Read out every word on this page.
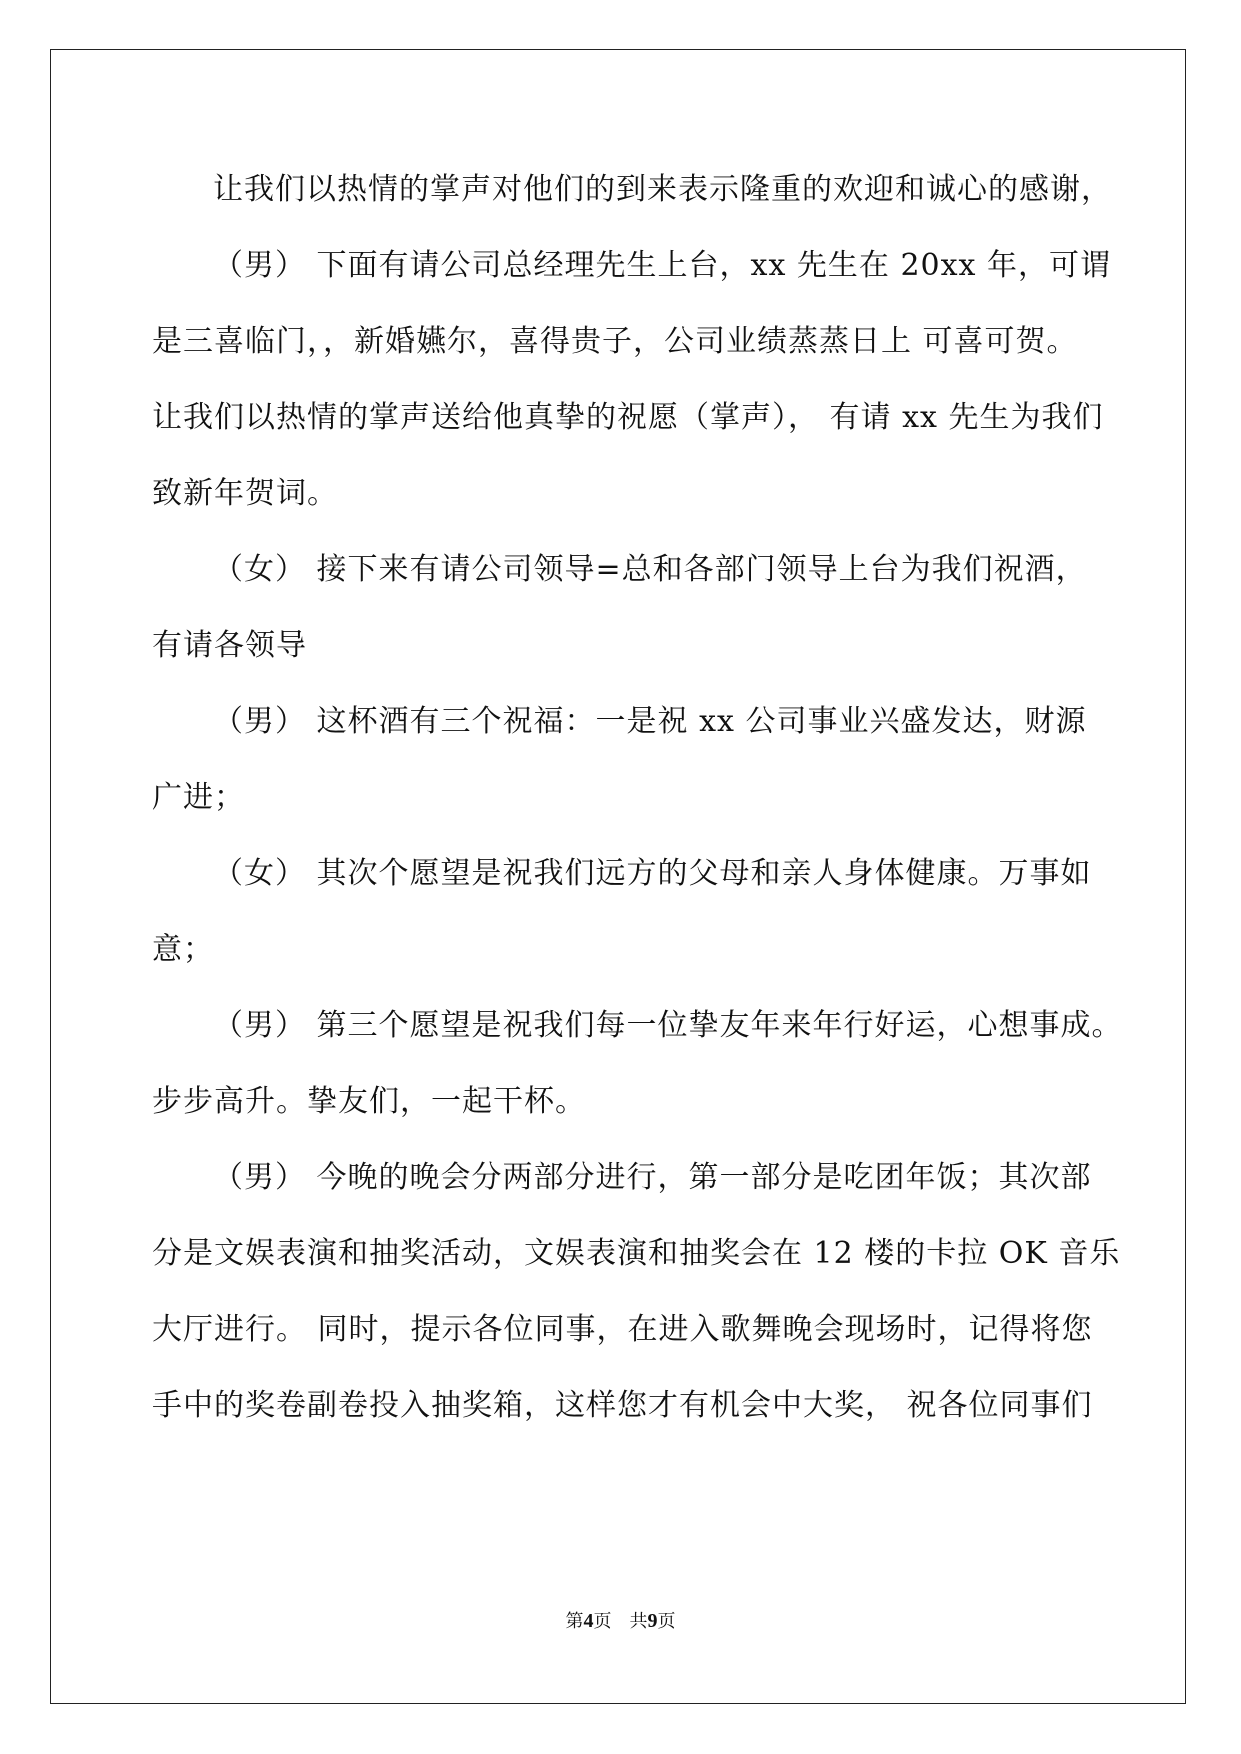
让我们以热情的掌声对他们的到来表示隆重的欢迎和诚心的感谢，
（男） 下面有请公司总经理先生上台，xx 先生在 20xx 年，可谓
是三喜临门，，新婚嬿尔，喜得贵子，公司业绩蒸蒸日上 可喜可贺。
让我们以热情的掌声送给他真挚的祝愿（掌声）， 有请 xx 先生为我们
致新年贺词。
（女） 接下来有请公司领导=总和各部门领导上台为我们祝酒，
有请各领导
（男） 这杯酒有三个祝福：一是祝 xx 公司事业兴盛发达，财源
广进；
（女） 其次个愿望是祝我们远方的父母和亲人身体健康。万事如
意；
（男） 第三个愿望是祝我们每一位挚友年来年行好运，心想事成。
步步高升。挚友们，一起干杯。
（男） 今晚的晚会分两部分进行，第一部分是吃团年饭；其次部
分是文娱表演和抽奖活动，文娱表演和抽奖会在 12 楼的卡拉 OK 音乐
大厅进行。 同时，提示各位同事，在进入歌舞晚会现场时，记得将您
手中的奖卷副卷投入抽奖箱，这样您才有机会中大奖， 祝各位同事们
第4页 共9页
